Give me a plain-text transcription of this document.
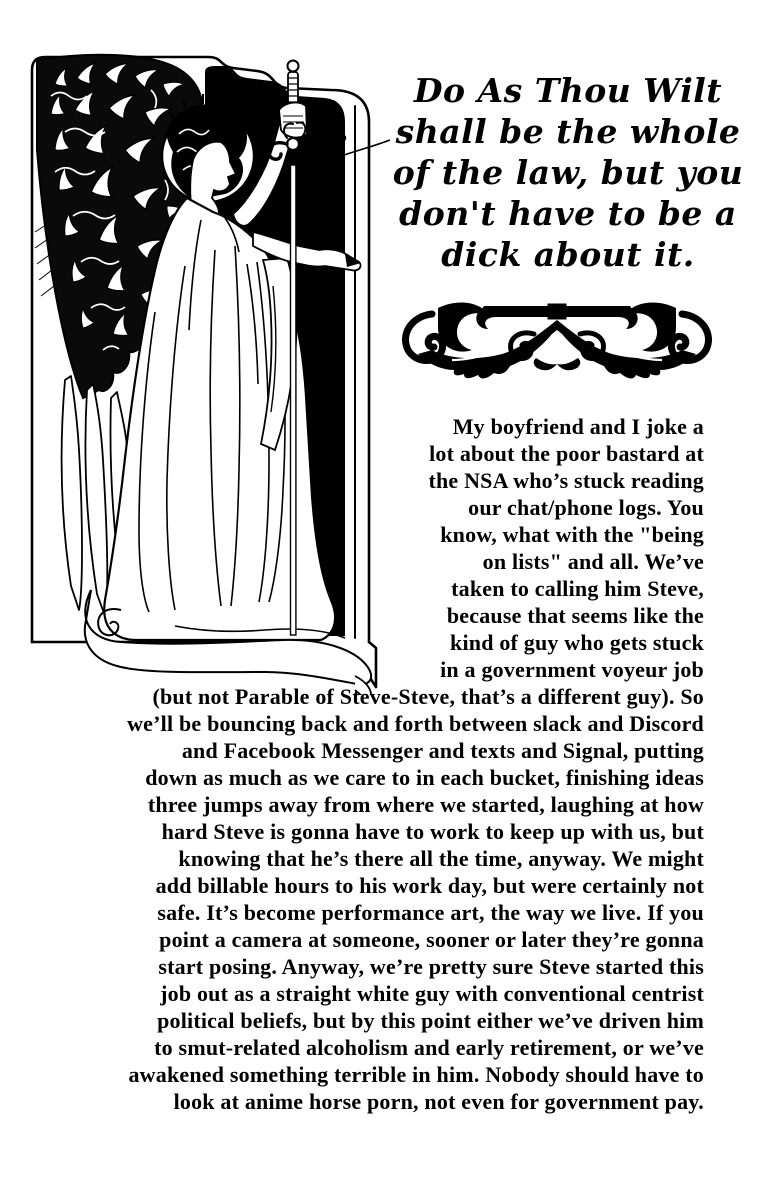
Do As Thou Wilt
shall be the whole
of the law, but you
don't have to be a
dick about it.
My boyfriend and I joke a
lot about the poor bastard at
the NSA who’s stuck reading
our chat/phone logs. You
know, what with the "being
on lists" and all. We’ve
taken to calling him Steve,
because that seems like the
kind of guy who gets stuck
in a government voyeur job
(but not Parable of Steve-Steve, that’s a different guy). So
we’ll be bouncing back and forth between slack and Discord
and Facebook Messenger and texts and Signal, putting
down as much as we care to in each bucket, finishing ideas
three jumps away from where we started, laughing at how
hard Steve is gonna have to work to keep up with us, but
knowing that he’s there all the time, anyway. We might
add billable hours to his work day, but were certainly not
safe. It’s become performance art, the way we live. If you
point a camera at someone, sooner or later they’re gonna
start posing. Anyway, we’re pretty sure Steve started this
job out as a straight white guy with conventional centrist
political beliefs, but by this point either we’ve driven him
to smut-related alcoholism and early retirement, or we’ve
awakened something terrible in him. Nobody should have to
look at anime horse porn, not even for government pay.
